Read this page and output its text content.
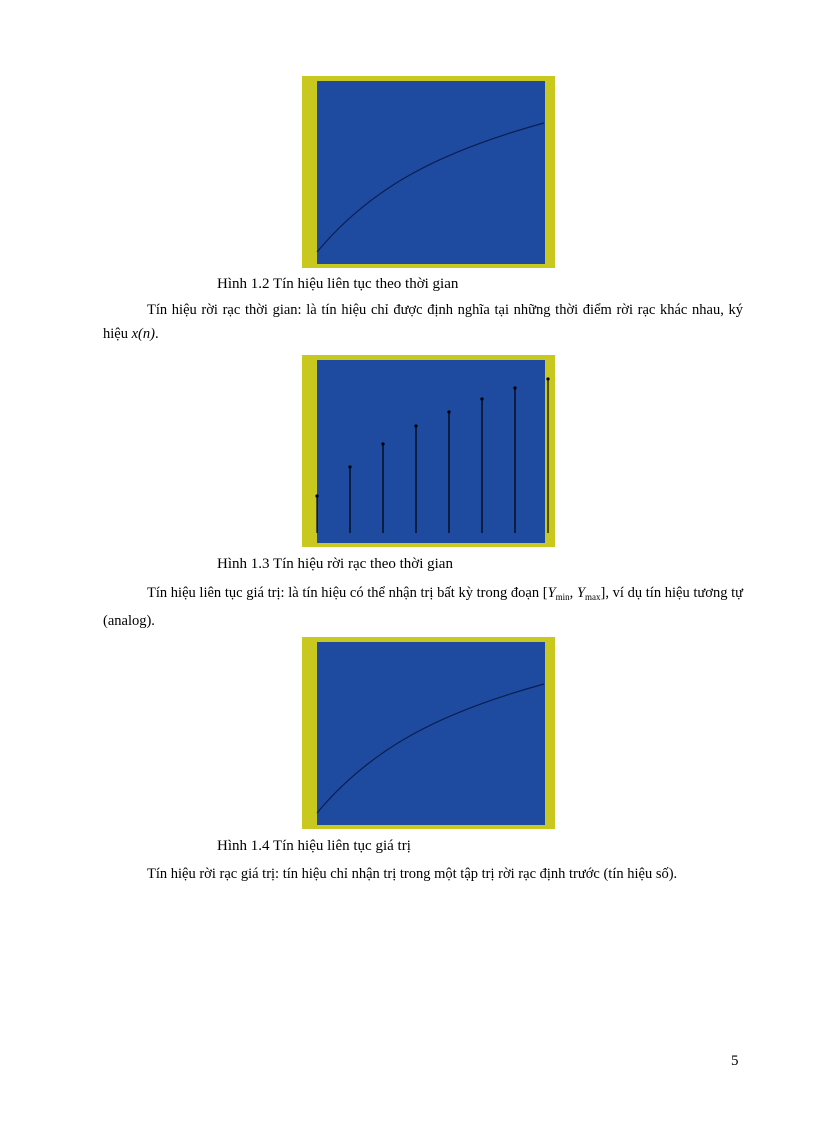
Hình 1.2 Tín hiệu liên tục theo thời gian

Tín hiệu rời rạc thời gian: là tín hiệu chỉ được định nghĩa tại những thời điểm rời rạc khác nhau, ký hiệu x(n).

Hình 1.3 Tín hiệu rời rạc theo thời gian

Tín hiệu liên tục giá trị: là tín hiệu có thể nhận trị bất kỳ trong đoạn [$Y_{min}$, $Y_{max}$], ví dụ tín hiệu tương tự (analog).

Hình 1.4 Tín hiệu liên tục giá trị

Tín hiệu rời rạc giá trị: tín hiệu chỉ nhận trị trong một tập trị rời rạc định trước (tín hiệu số).

5
